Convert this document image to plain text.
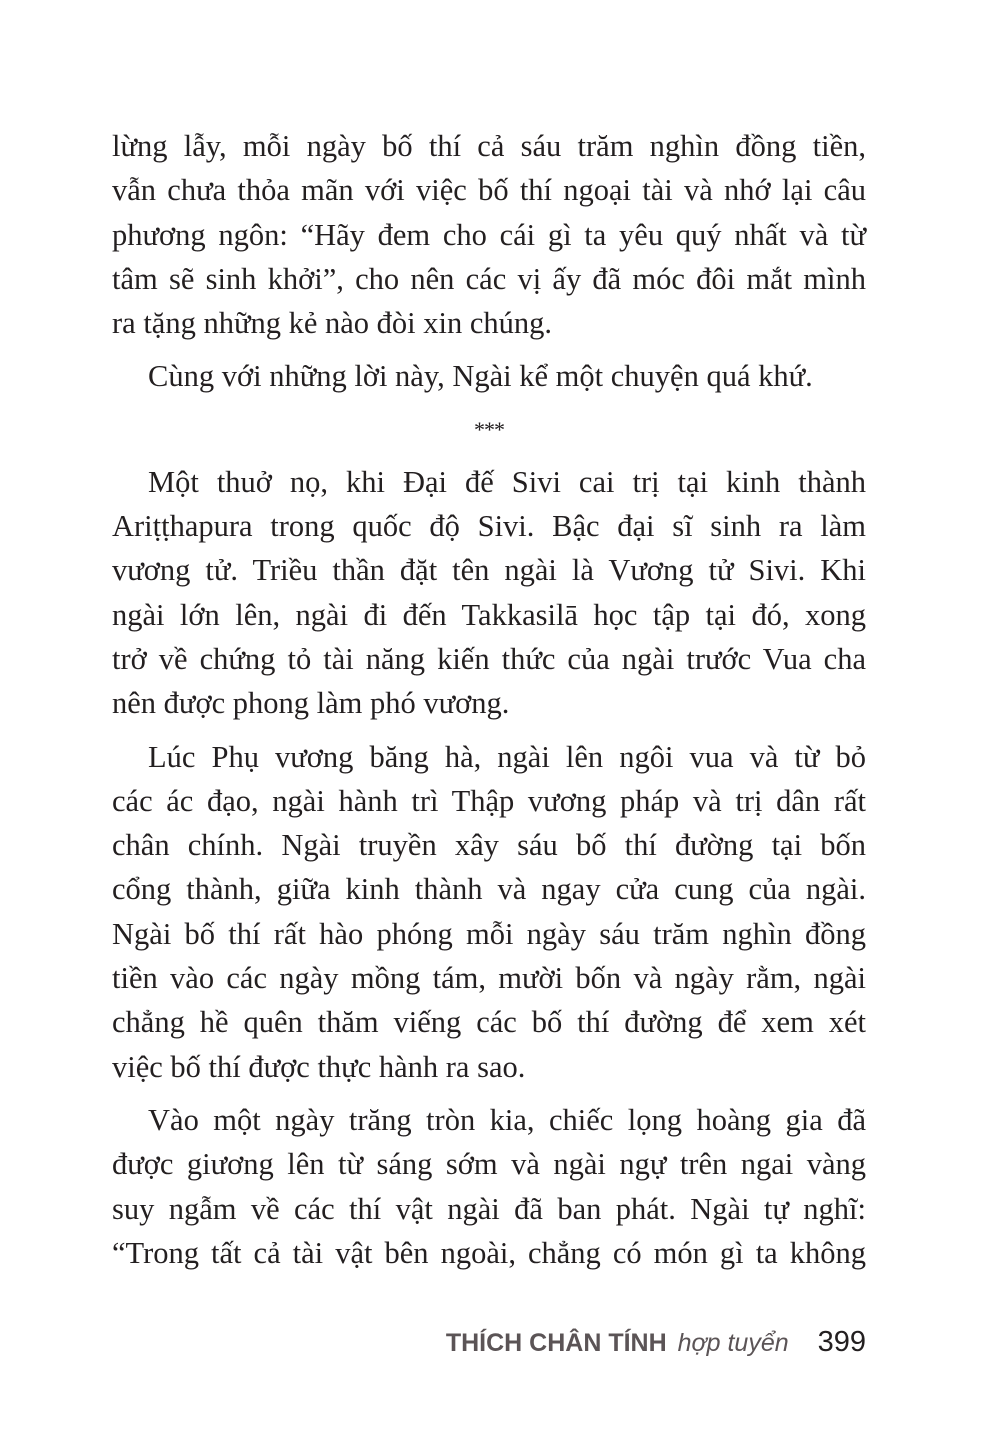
lừng lẫy, mỗi ngày bố thí cả sáu trăm nghìn đồng tiền,
vẫn chưa thỏa mãn với việc bố thí ngoại tài và nhớ lại câu
phương ngôn: “Hãy đem cho cái gì ta yêu quý nhất và từ
tâm sẽ sinh khởi”, cho nên các vị ấy đã móc đôi mắt mình
ra tặng những kẻ nào đòi xin chúng.
Cùng với những lời này, Ngài kể một chuyện quá khứ.
***
Một thuở nọ, khi Đại đế Sivi cai trị tại kinh thành
Ariṭṭhapura trong quốc độ Sivi. Bậc đại sĩ sinh ra làm
vương tử. Triều thần đặt tên ngài là Vương tử Sivi. Khi
ngài lớn lên, ngài đi đến Takkasilā học tập tại đó, xong
trở về chứng tỏ tài năng kiến thức của ngài trước Vua cha
nên được phong làm phó vương.
Lúc Phụ vương băng hà, ngài lên ngôi vua và từ bỏ
các ác đạo, ngài hành trì Thập vương pháp và trị dân rất
chân chính. Ngài truyền xây sáu bố thí đường tại bốn
cổng thành, giữa kinh thành và ngay cửa cung của ngài.
Ngài bố thí rất hào phóng mỗi ngày sáu trăm nghìn đồng
tiền vào các ngày mồng tám, mười bốn và ngày rằm, ngài
chẳng hề quên thăm viếng các bố thí đường để xem xét
việc bố thí được thực hành ra sao.
Vào một ngày trăng tròn kia, chiếc lọng hoàng gia đã
được giương lên từ sáng sớm và ngài ngự trên ngai vàng
suy ngẫm về các thí vật ngài đã ban phát. Ngài tự nghĩ:
“Trong tất cả tài vật bên ngoài, chẳng có món gì ta không
THÍCH CHÂN TÍNH hợp tuyển 399
